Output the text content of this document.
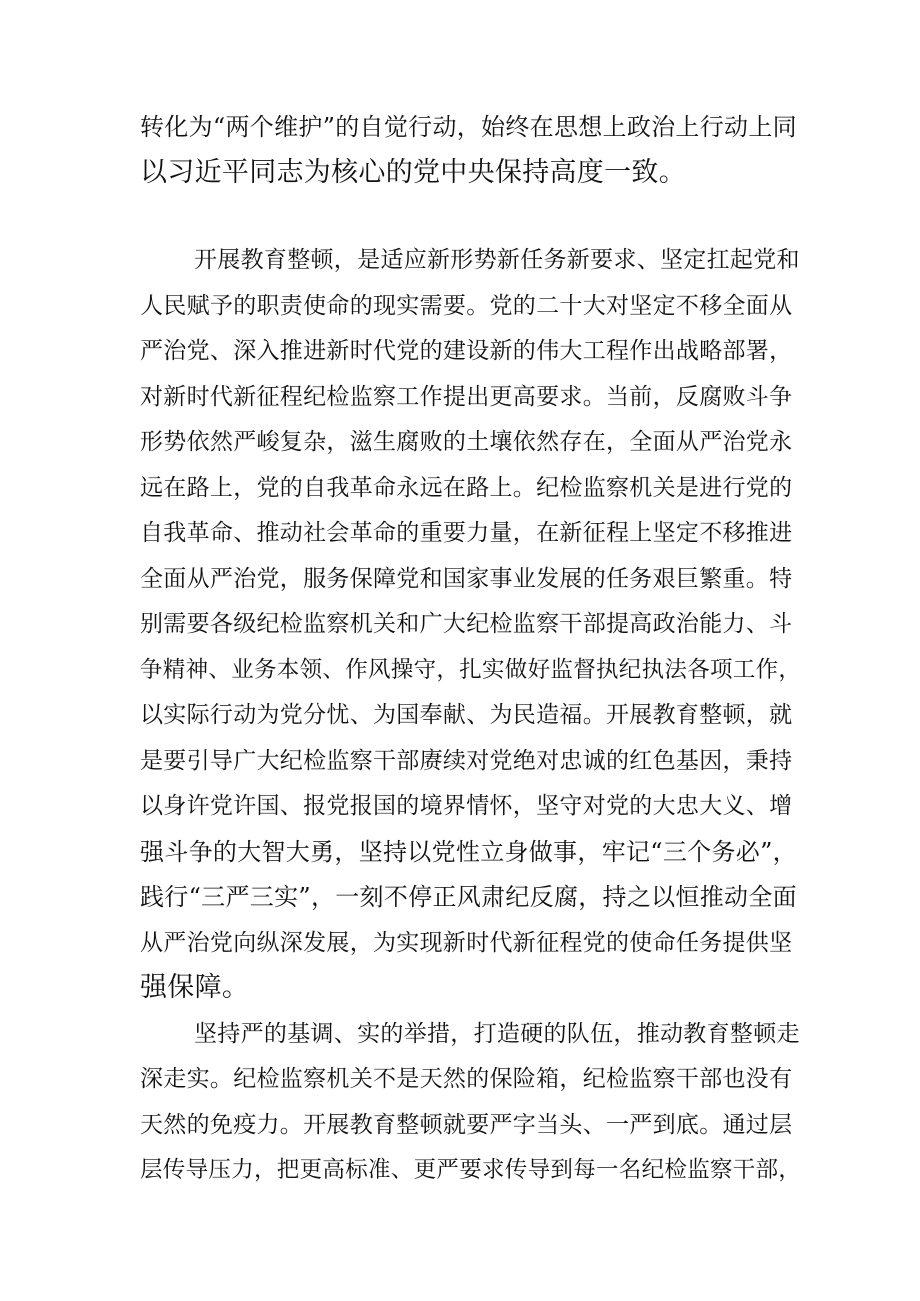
转化为“两个维护”的自觉行动，始终在思想上政治上行动上同
以习近平同志为核心的党中央保持高度一致。
开展教育整顿，是适应新形势新任务新要求、坚定扛起党和
人民赋予的职责使命的现实需要。党的二十大对坚定不移全面从
严治党、深入推进新时代党的建设新的伟大工程作出战略部署，
对新时代新征程纪检监察工作提出更高要求。当前，反腐败斗争
形势依然严峻复杂，滋生腐败的土壤依然存在，全面从严治党永
远在路上，党的自我革命永远在路上。纪检监察机关是进行党的
自我革命、推动社会革命的重要力量，在新征程上坚定不移推进
全面从严治党，服务保障党和国家事业发展的任务艰巨繁重。特
别需要各级纪检监察机关和广大纪检监察干部提高政治能力、斗
争精神、业务本领、作风操守，扎实做好监督执纪执法各项工作，
以实际行动为党分忧、为国奉献、为民造福。开展教育整顿，就
是要引导广大纪检监察干部赓续对党绝对忠诚的红色基因，秉持
以身许党许国、报党报国的境界情怀，坚守对党的大忠大义、增
强斗争的大智大勇，坚持以党性立身做事，牢记“三个务必”，
践行“三严三实”，一刻不停正风肃纪反腐，持之以恒推动全面
从严治党向纵深发展，为实现新时代新征程党的使命任务提供坚
强保障。
坚持严的基调、实的举措，打造硬的队伍，推动教育整顿走
深走实。纪检监察机关不是天然的保险箱，纪检监察干部也没有
天然的免疫力。开展教育整顿就要严字当头、一严到底。通过层
层传导压力，把更高标准、更严要求传导到每一名纪检监察干部，
